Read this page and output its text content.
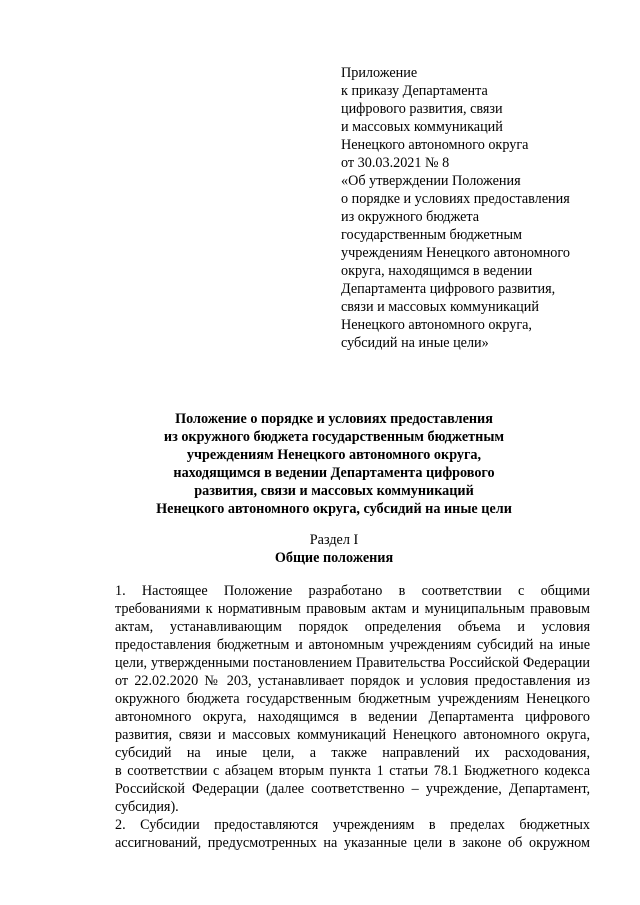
Приложение
к приказу Департамента
цифрового развития, связи
и массовых коммуникаций
Ненецкого автономного округа
от 30.03.2021 № 8
«Об утверждении Положения
о порядке и условиях предоставления
из окружного бюджета
государственным бюджетным
учреждениям Ненецкого автономного
округа, находящимся в ведении
Департамента цифрового развития,
связи и массовых коммуникаций
Ненецкого автономного округа,
субсидий на иные цели»
Положение о порядке и условиях предоставления
из окружного бюджета государственным бюджетным
учреждениям Ненецкого автономного округа,
находящимся в ведении Департамента цифрового
развития, связи и массовых коммуникаций
Ненецкого автономного округа, субсидий на иные цели
Раздел I
Общие положения
1. Настоящее Положение разработано в соответствии с общими
требованиями к нормативным правовым актам и муниципальным правовым
актам, устанавливающим порядок определения объема и условия
предоставления бюджетным и автономным учреждениям субсидий на иные
цели, утвержденными постановлением Правительства Российской Федерации
от 22.02.2020 № 203, устанавливает порядок и условия предоставления из
окружного бюджета государственным бюджетным учреждениям Ненецкого
автономного округа, находящимся в ведении Департамента цифрового
развития, связи и массовых коммуникаций Ненецкого автономного округа,
субсидий на иные цели, а также направлений их расходования,
в соответствии с абзацем вторым пункта 1 статьи 78.1 Бюджетного кодекса
Российской Федерации (далее соответственно – учреждение, Департамент,
субсидия).
2. Субсидии предоставляются учреждениям в пределах бюджетных
ассигнований, предусмотренных на указанные цели в законе об окружном
